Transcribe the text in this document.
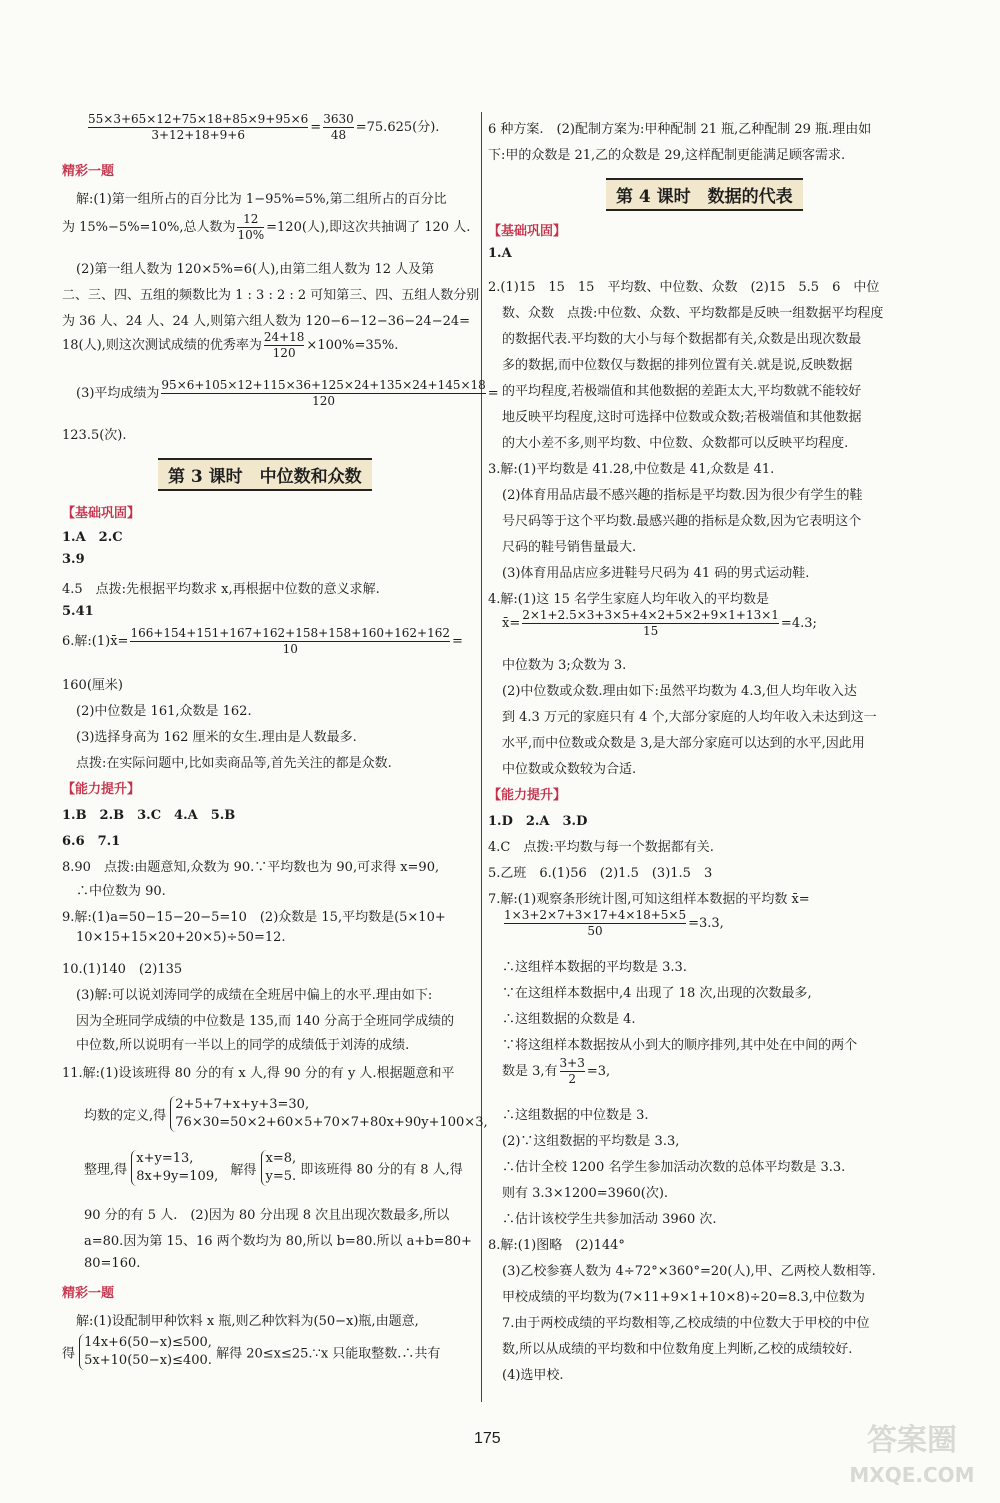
$\frac{55\times 3+65\times 12+75\times 18+85\times 9+95\times 6}{3+12+18+9+6} = \frac{3630}{48} =75.625$(分).
精彩一题
解:(1)第一组所占的百分比为 1−95%=5%,第二组所占的百分比
为 15%−5%=10%,总人数为 $\frac{12}{10\%} =120$(人),即这次共抽调了 120 人.
(2)第一组人数为 120×5%=6(人),由第二组人数为 12 人及第
二、三、四、五组的频数比为 1 : 3 : 2 : 2 可知第三、四、五组人数分别
为 36 人、24 人、24 人,则第六组人数为 120−6−12−36−24−24=
18(人),则这次测试成绩的优秀率为 $\frac{24+18}{120} \times 100\%=35\%$.
(3)平均成绩为 $\frac{95\times 6+105\times 12+115\times 36+125\times 24+135\times 24+145\times 18}{120}$ =
123.5(次).
第 3 课时　中位数和众数
【基础巩固】
1.A　2.C
3.9
4.5　点拨:先根据平均数求 x,再根据中位数的意义求解.
5.41
6.解:(1)x̄= $\frac{166+154+151+167+162+158+158+160+162+162}{10}$ =
160(厘米)
(2)中位数是 161,众数是 162.
(3)选择身高为 162 厘米的女生.理由是人数最多.
点拨:在实际问题中,比如卖商品等,首先关注的都是众数.
【能力提升】
1.B　2.B　3.C　4.A　5.B
6.6　7.1
8.90　点拨:由题意知,众数为 90.∵平均数也为 90,可求得 x=90,
∴中位数为 90.
9.解:(1)a=50−15−20−5=10　(2)众数是 15,平均数是(5×10+
10×15+15×20+20×5)÷50=12.
10.(1)140　(2)135
(3)解:可以说刘涛同学的成绩在全班居中偏上的水平.理由如下:
因为全班同学成绩的中位数是 135,而 140 分高于全班同学成绩的
中位数,所以说明有一半以上的同学的成绩低于刘涛的成绩.
11.解:(1)设该班得 80 分的有 x 人,得 90 分的有 y 人.根据题意和平
均数的定义,得
2+5+7+x+y+3=30,
76×30=50×2+60×5+70×7+80x+90y+100×3,
整理,得
x+y=13,
8x+9y=109, 解得
x=8,
y=5. 即该班得 80 分的有 8 人,得
90 分的有 5 人.　(2)因为 80 分出现 8 次且出现次数最多,所以
a=80.因为第 15、16 两个数均为 80,所以 b=80.所以 a+b=80+
80=160.
精彩一题
解:(1)设配制甲种饮料 x 瓶,则乙种饮料为(50−x)瓶,由题意,
得
14x+6(50−x)≤500,
5x+10(50−x)≤400. 解得 20≤x≤25.∵x 只能取整数.∴共有
6 种方案.　(2)配制方案为:甲种配制 21 瓶,乙种配制 29 瓶.理由如
下:甲的众数是 21,乙的众数是 29,这样配制更能满足顾客需求.
第 4 课时　数据的代表
【基础巩固】
1.A
2.(1)15　15　15　平均数、中位数、众数　(2)15　5.5　6　中位
数、众数　点拨:中位数、众数、平均数都是反映一组数据平均程度
的数据代表.平均数的大小与每个数据都有关,众数是出现次数最
多的数据,而中位数仅与数据的排列位置有关.就是说,反映数据
的平均程度,若极端值和其他数据的差距太大,平均数就不能较好
地反映平均程度,这时可选择中位数或众数;若极端值和其他数据
的大小差不多,则平均数、中位数、众数都可以反映平均程度.
3.解:(1)平均数是 41.28,中位数是 41,众数是 41.
(2)体育用品店最不感兴趣的指标是平均数.因为很少有学生的鞋
号尺码等于这个平均数.最感兴趣的指标是众数,因为它表明这个
尺码的鞋号销售量最大.
(3)体育用品店应多进鞋号尺码为 41 码的男式运动鞋.
4.解:(1)这 15 名学生家庭人均年收入的平均数是
x̄= $\frac{2\times 1+2.5\times 3+3\times 5+4\times 2+5\times 2+9\times 1+13\times 1}{15} =4.3$;
中位数为 3;众数为 3.
(2)中位数或众数.理由如下:虽然平均数为 4.3,但人均年收入达
到 4.3 万元的家庭只有 4 个,大部分家庭的人均年收入未达到这一
水平,而中位数或众数是 3,是大部分家庭可以达到的水平,因此用
中位数或众数较为合适.
【能力提升】
1.D　2.A　3.D
4.C　点拨:平均数与每一个数据都有关.
5.乙班　6.(1)56　(2)1.5　(3)1.5　3
7.解:(1)观察条形统计图,可知这组样本数据的平均数 x̄=
$\frac{1\times 3+2\times 7+3\times 17+4\times 18+5\times 5}{50} =3.3$,
∴这组样本数据的平均数是 3.3.
∵在这组样本数据中,4 出现了 18 次,出现的次数最多,
∴这组数据的众数是 4.
∵将这组样本数据按从小到大的顺序排列,其中处在中间的两个
数是 3,有 $\frac{3+3}{2} =3$,
∴这组数据的中位数是 3.
(2)∵这组数据的平均数是 3.3,
∴估计全校 1200 名学生参加活动次数的总体平均数是 3.3.
则有 3.3×1200=3960(次).
∴估计该校学生共参加活动 3960 次.
8.解:(1)图略　(2)144°
(3)乙校参赛人数为 4÷72°×360°=20(人),甲、乙两校人数相等.
甲校成绩的平均数为(7×11+9×1+10×8)÷20=8.3,中位数为
7.由于两校成绩的平均数相等,乙校成绩的中位数大于甲校的中位
数,所以从成绩的平均数和中位数角度上判断,乙校的成绩较好.
(4)选甲校.
175	答案圈
MXQE.COM
